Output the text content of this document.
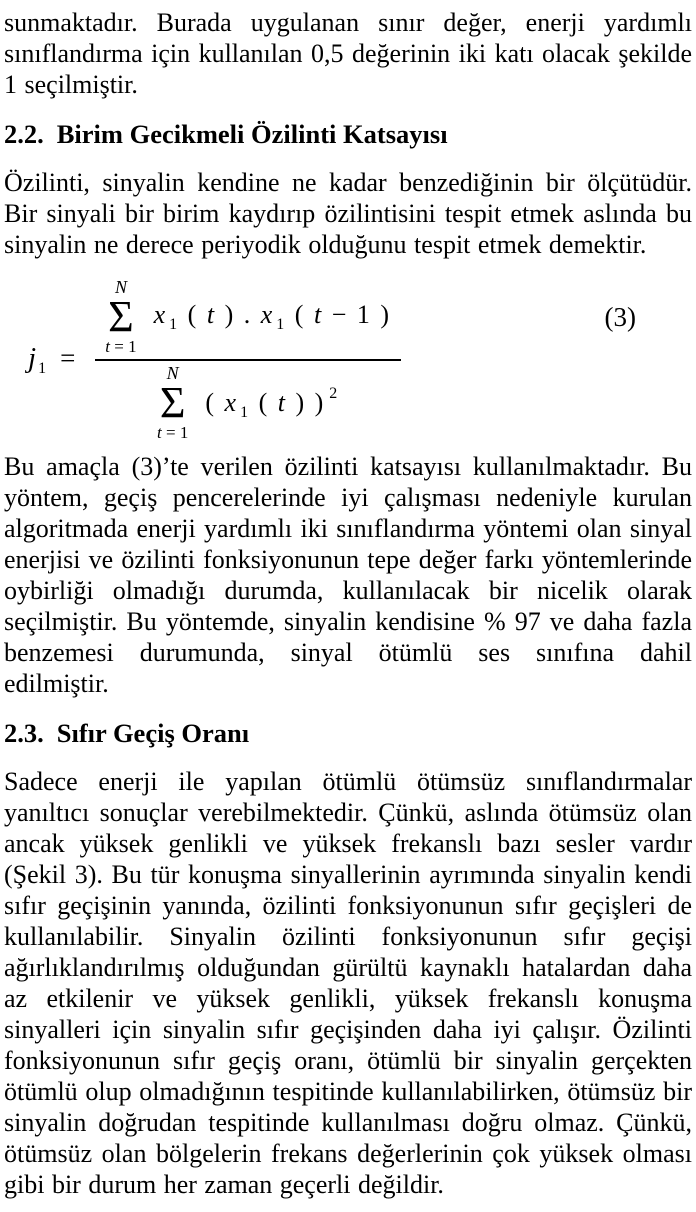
sunmaktadır. Burada uygulanan sınır değer, enerji yardımlı sınıflandırma için kullanılan 0,5 değerinin iki katı olacak şekilde 1 seçilmiştir.

2.2. Birim Gecikmeli Özilinti Katsayısı

Özilinti, sinyalin kendine ne kadar benzediğinin bir ölçütüdür. Bir sinyali bir birim kaydırıp özilintisini tespit etmek aslında bu sinyalin ne derece periyodik olduğunu tespit etmek demektir.

j $_1$ = N
Σ
t = 1
x $_1$ ( t ) . x $_1$ ( t − 1 )
N
Σ
t = 1
( x $_1$ ( t ) ) $^2$	(3)

Bu amaçla (3)’te verilen özilinti katsayısı kullanılmaktadır. Bu yöntem, geçiş pencerelerinde iyi çalışması nedeniyle kurulan algoritmada enerji yardımlı iki sınıflandırma yöntemi olan sinyal enerjisi ve özilinti fonksiyonunun tepe değer farkı yöntemlerinde oybirliği olmadığı durumda, kullanılacak bir nicelik olarak seçilmiştir. Bu yöntemde, sinyalin kendisine % 97 ve daha fazla benzemesi durumunda, sinyal ötümlü ses sınıfına dahil edilmiştir.

2.3. Sıfır Geçiş Oranı

Sadece enerji ile yapılan ötümlü ötümsüz sınıflandırmalar yanıltıcı sonuçlar verebilmektedir. Çünkü, aslında ötümsüz olan ancak yüksek genlikli ve yüksek frekanslı bazı sesler vardır (Şekil 3). Bu tür konuşma sinyallerinin ayrımında sinyalin kendi sıfır geçişinin yanında, özilinti fonksiyonunun sıfır geçişleri de kullanılabilir. Sinyalin özilinti fonksiyonunun sıfır geçişi ağırlıklandırılmış olduğundan gürültü kaynaklı hatalardan daha az etkilenir ve yüksek genlikli, yüksek frekanslı konuşma sinyalleri için sinyalin sıfır geçişinden daha iyi çalışır. Özilinti fonksiyonunun sıfır geçiş oranı, ötümlü bir sinyalin gerçekten ötümlü olup olmadığının tespitinde kullanılabilirken, ötümsüz bir sinyalin doğrudan tespitinde kullanılması doğru olmaz. Çünkü, ötümsüz olan bölgelerin frekans değerlerinin çok yüksek olması gibi bir durum her zaman geçerli değildir.
